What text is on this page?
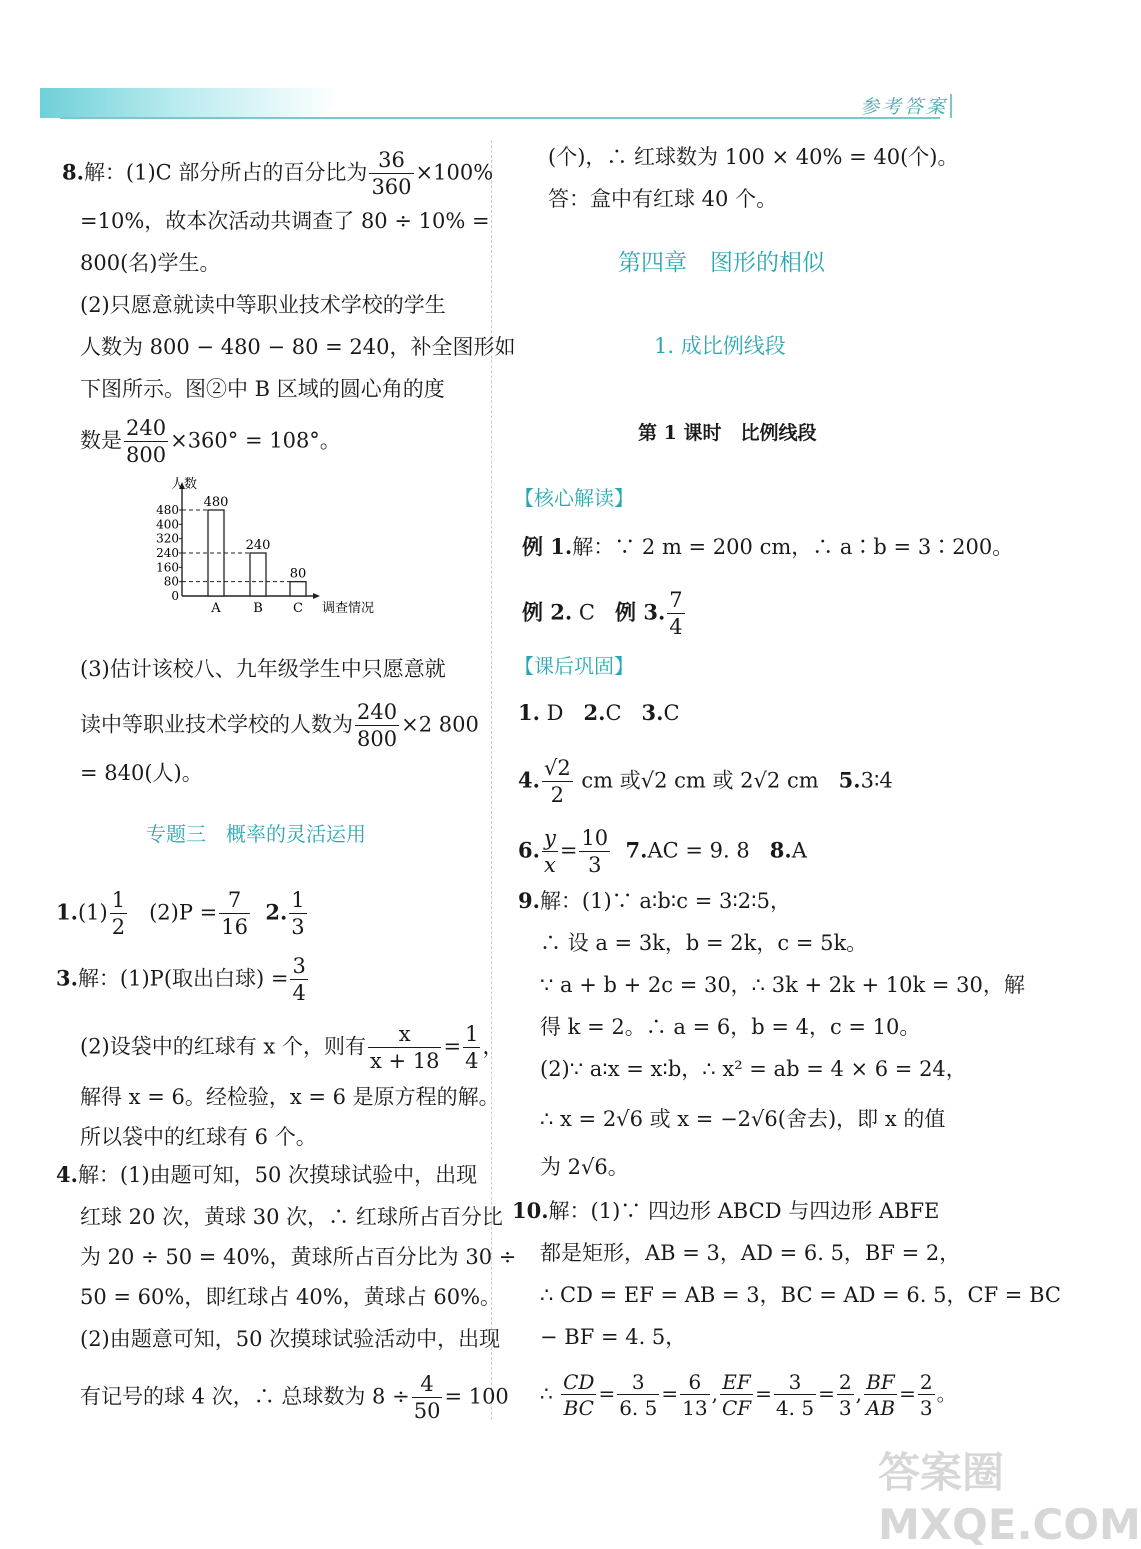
参考答案
8.解：(1)C 部分所占的百分比为 $\frac{36}{360} \times 100\%$
=10%，故本次活动共调查了 80 ÷ 10% =
800(名)学生。
(2)只愿意就读中等职业技术学校的学生
人数为 800 − 480 − 80 = 240，补全图形如
下图所示。图②中 B 区域的圆心角的度
数是 $\frac{240}{800} \times 360^\circ = 108^\circ$。
人数
调查情况
0
80
160
240
320
400
480 480
A
240
B
80
C
(3)估计该校八、九年级学生中只愿意就
读中等职业技术学校的人数为 $\frac{240}{800} \times 2$ 800
= 840(人)。
专题三　概率的灵活运用
$1.(1) \frac{1}{2} (2)P = \frac{7}{16} 2$. $\frac{1}{3}$
3.解：(1)P(取出白球) = $\frac{3}{4}$
(2)设袋中的红球有 x 个，则有 $\frac{x}{x + 18} = \frac{1}{4}$ ，
解得 x = 6。经检验，x = 6 是原方程的解。
所以袋中的红球有 6 个。
4.解：(1)由题可知，50 次摸球试验中，出现
红球 20 次，黄球 30 次，∴ 红球所占百分比
为 20 ÷ 50 = 40%，黄球所占百分比为 30 ÷
50 = 60%，即红球占 40%，黄球占 60%。
(2)由题意可知，50 次摸球试验活动中，出现
有记号的球 4 次，∴ 总球数为 $8 \div \frac{4}{50} = 100$
(个)，∴ 红球数为 100 × 40% = 40(个)。
答：盒中有红球 40 个。
第四章　图形的相似
1. 成比例线段
第 1 课时　比例线段
【核心解读】
例 1.解：∵ 2 m = 200 cm，∴ a∶b = 3∶200。
例 2. C 例 3. $\frac{7}{4}$
【课后巩固】
1. D 2.C 3.C
4. $\frac{√2}{2}$ cm 或√2 cm 或 2√2 cm 5.3∶4
6. $\frac{y}{x} = \frac{10}{3} 7.AC = 9$. 8 8.A
9.解：(1)∵ a∶b∶c = 3∶2∶5，
∴ 设 a = 3k，b = 2k，c = 5k。
∵ a + b + 2c = 30，∴ 3k + 2k + 10k = 30，解
得 k = 2。∴ a = 6，b = 4，c = 10。
(2)∵ a∶x = x∶b，∴ x² = ab = 4 × 6 = 24，
∴ x = 2√6 或 x = −2√6(舍去)，即 x 的值
为 2√6。
10.解：(1)∵ 四边形 ABCD 与四边形 ABFE
都是矩形，AB = 3，AD = 6. 5，BF = 2，
∴ CD = EF = AB = 3，BC = AD = 6. 5，CF = BC
− BF = 4. 5，
∴ $\frac{CD}{BC} = \frac{3}{6. 5} = \frac{6}{13}$ , $\frac{EF}{CF} = \frac{3}{4. 5} = \frac{2}{3}$ , $\frac{BF}{AB} = \frac{2}{3}$ 。
答案圈 MXQE.COM
